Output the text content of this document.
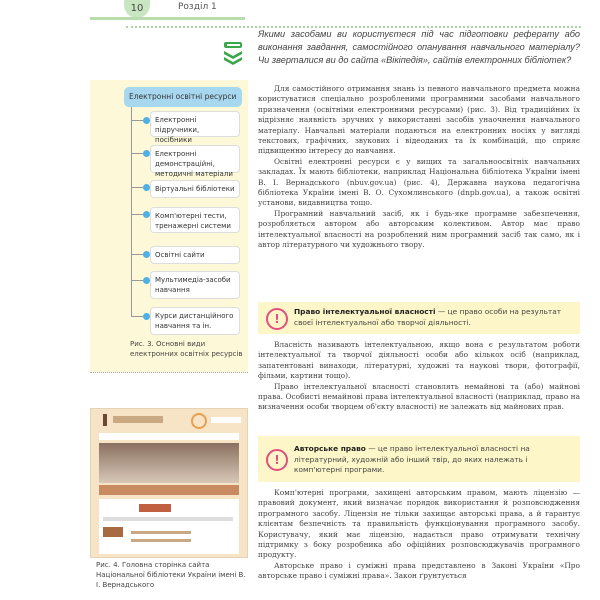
10	Розділ 1
Якими засобами ви користуєтеся під час підготовки реферату або виконання завдання, самостійного опанування навчального матеріалу? Чи зверталися ви до сайта «Вікіпедія», сайтів електронних бібліотек?
Електронні освітні ресурси
Електронні підручники, посібники
Електронні демонстраційні, методичні матеріали
Віртуальні бібліотеки
Комп'ютерні тести, тренажерні системи
Освітні сайти
Мультимедіа-засоби навчання
Курси дистанційного навчання та ін.
Рис. 3. Основні види електронних освітніх ресурсів
Рис. 4. Головна сторінка сайта Національної бібліотеки України імені В. І. Вернадського

Для самостійного отримання знань із певного навчального предмета можна користуватися спеціально розробленими програмними засобами навчального призначення (освітніми електронними ресурсами) (рис. 3). Від традиційних їх відрізняє наявність зручних у використанні засобів унаочнення навчального матеріалу. Навчальні матеріали подаються на електронних носіях у вигляді текстових, графічних, звукових і відеоданих та їх комбінацій, що сприяє підвищенню інтересу до навчання.

Освітні електронні ресурси є у вищих та загальноосвітніх навчальних закладах. Їх мають бібліотеки, наприклад Національна бібліотека України імені В. І. Вернадського (nbuv.gov.ua) (рис. 4), Державна наукова педагогічна бібліотека України імені В. О. Сухомлинського (dnpb.gov.ua), а також освітні установи, видавництва тощо.

Програмний навчальний засіб, як і будь-яке програмне забезпечення, розробляється автором або авторським колективом. Автор має право інтелектуальної власності на розроблений ним програмний засіб так само, як і автор літературного чи художнього твору.

!
Право інтелектуальної власності — це право особи на результат своєї інтелектуальної або творчої діяльності.

Власність називають інтелектуальною, якщо вона є результатом роботи інтелектуальної та творчої діяльності особи або кількох осіб (наприклад, запатентовані винаходи, літературні, художні та наукові твори, фотографії, фільми, картини тощо).

Право інтелектуальної власності становлять немайнові та (або) майнові права. Особисті немайнові права інтелектуальної власності (наприклад, право на визначення особи творцем об'єкту власності) не залежать від майнових прав.

!
Авторське право — це право інтелектуальної власності на літературний, художній або інший твір, до яких належать і комп'ютерні програми.

Комп'ютерні програми, захищені авторським правом, мають ліцензію — правовий документ, який визначає порядок використання й розповсюдження програмного засобу. Ліцензія не тільки захищає авторські права, а й гарантує клієнтам безпечність та правильність функціонування програмного засобу. Користувачу, який має ліцензію, надається право отримувати технічну підтримку з боку розробника або офіційних розповсюджувачів програмного продукту.

Авторське право і суміжні права представлено в Законі України «Про авторське право і суміжні права». Закон ґрунтується
